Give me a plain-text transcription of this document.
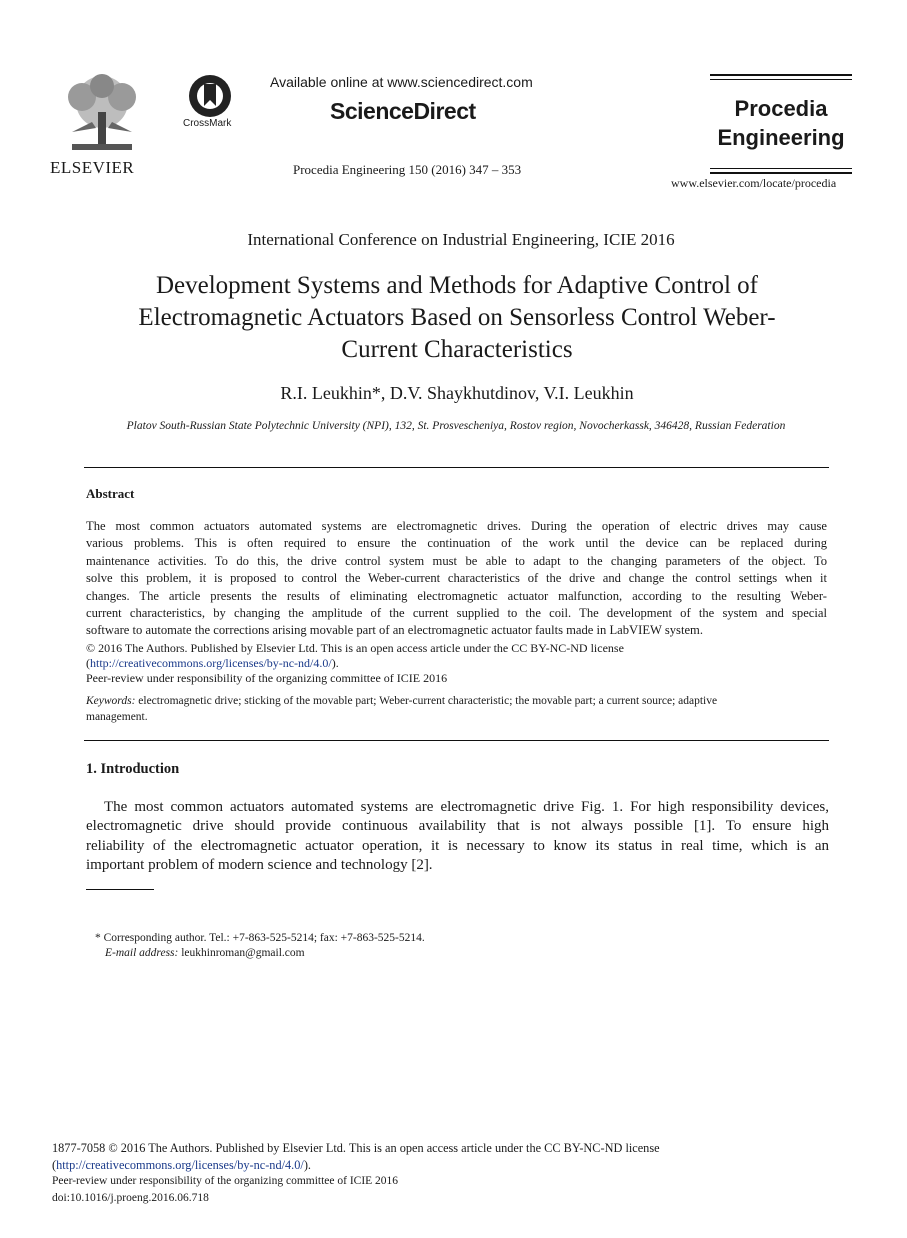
ELSEVIER
CrossMark
Available online at www.sciencedirect.com
ScienceDirect
Procedia Engineering 150 (2016) 347 – 353
Procedia
Engineering
www.elsevier.com/locate/procedia
International Conference on Industrial Engineering, ICIE 2016
Development Systems and Methods for Adaptive Control of
Electromagnetic Actuators Based on Sensorless Control Weber-
Current Characteristics
R.I. Leukhin*, D.V. Shaykhutdinov, V.I. Leukhin
Platov South-Russian State Polytechnic University (NPI), 132, St. Prosvescheniya, Rostov region, Novocherkassk, 346428, Russian Federation
Abstract
The most common actuators automated systems are electromagnetic drives. During the operation of electric drives may cause
various problems. This is often required to ensure the continuation of the work until the device can be replaced during
maintenance activities. To do this, the drive control system must be able to adapt to the changing parameters of the object. To
solve this problem, it is proposed to control the Weber-current characteristics of the drive and change the control settings when it
changes. The article presents the results of eliminating electromagnetic actuator malfunction, according to the resulting Weber-
current characteristics, by changing the amplitude of the current supplied to the coil. The development of the system and special
software to automate the corrections arising movable part of an electromagnetic actuator faults made in LabVIEW system.
© 2016 The Authors. Published by Elsevier Ltd. This is an open access article under the CC BY-NC-ND license
(http://creativecommons.org/licenses/by-nc-nd/4.0/).
Peer-review under responsibility of the organizing committee of ICIE 2016
Keywords: electromagnetic drive; sticking of the movable part; Weber-current characteristic; the movable part; a current source; adaptive
management.
1. Introduction
The most common actuators automated systems are electromagnetic drive Fig. 1. For high responsibility devices,
electromagnetic drive should provide continuous availability that is not always possible [1]. To ensure high
reliability of the electromagnetic actuator operation, it is necessary to know its status in real time, which is an
important problem of modern science and technology [2].
* Corresponding author. Tel.: +7-863-525-5214; fax: +7-863-525-5214.
E-mail address: leukhinroman@gmail.com
1877-7058 © 2016 The Authors. Published by Elsevier Ltd. This is an open access article under the CC BY-NC-ND license
(http://creativecommons.org/licenses/by-nc-nd/4.0/).
Peer-review under responsibility of the organizing committee of ICIE 2016
doi:10.1016/j.proeng.2016.06.718
